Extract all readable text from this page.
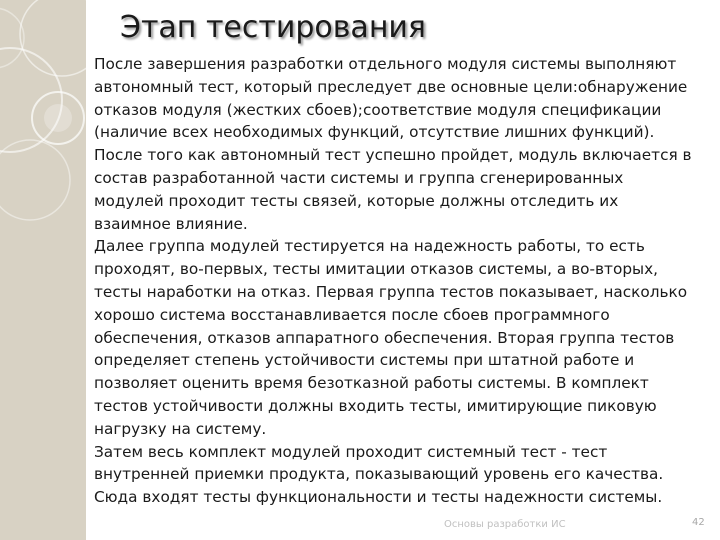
Этап тестирования

После завершения разработки отдельного модуля системы выполняют автономный тест, который преследует две основные цели:обнаружение отказов модуля (жестких сбоев);соответствие модуля спецификации (наличие всех необходимых функций, отсутствие лишних функций).

После того как автономный тест успешно пройдет, модуль включается в состав разработанной части системы и группа сгенерированных модулей проходит тесты связей, которые должны отследить их взаимное влияние.

Далее группа модулей тестируется на надежность работы, то есть проходят, во-первых, тесты имитации отказов системы, а во-вторых, тесты наработки на отказ. Первая группа тестов показывает, насколько хорошо система восстанавливается после сбоев программного обеспечения, отказов аппаратного обеспечения. Вторая группа тестов определяет степень устойчивости системы при штатной работе и позволяет оценить время безотказной работы системы. В комплект тестов устойчивости должны входить тесты, имитирующие пиковую нагрузку на систему.

Затем весь комплект модулей проходит системный тест - тест внутренней приемки продукта, показывающий уровень его качества. Сюда входят тесты функциональности и тесты надежности системы.

Основы разработки ИС	42
